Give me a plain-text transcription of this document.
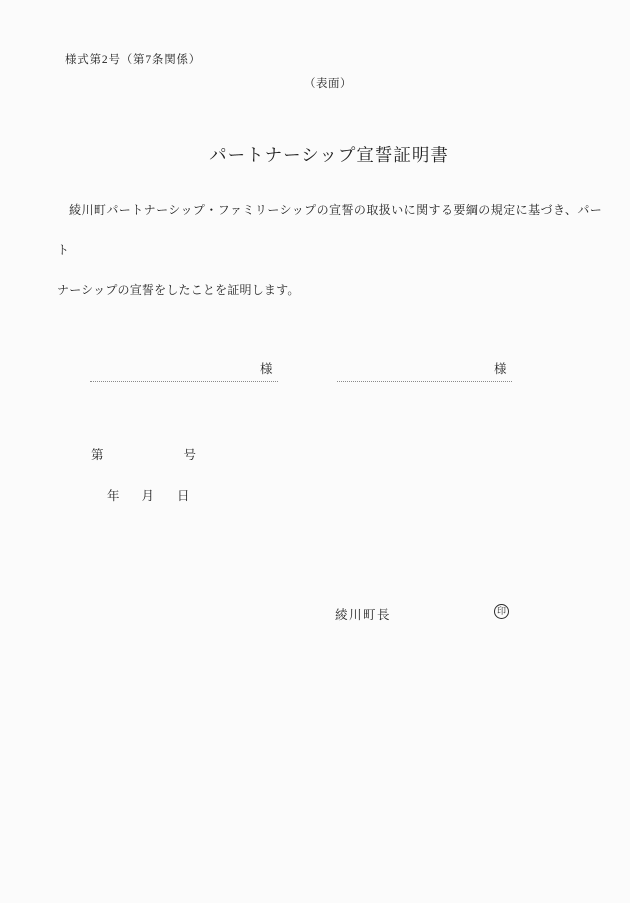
様式第2号（第7条関係）
（表面）
パートナーシップ宣誓証明書
綾川町パートナーシップ・ファミリーシップの宣誓の取扱いに関する要綱の規定に基づき、パート
ナーシップの宣誓をしたことを証明します。
様	様
第	号
年 月 日
綾川町長	印
